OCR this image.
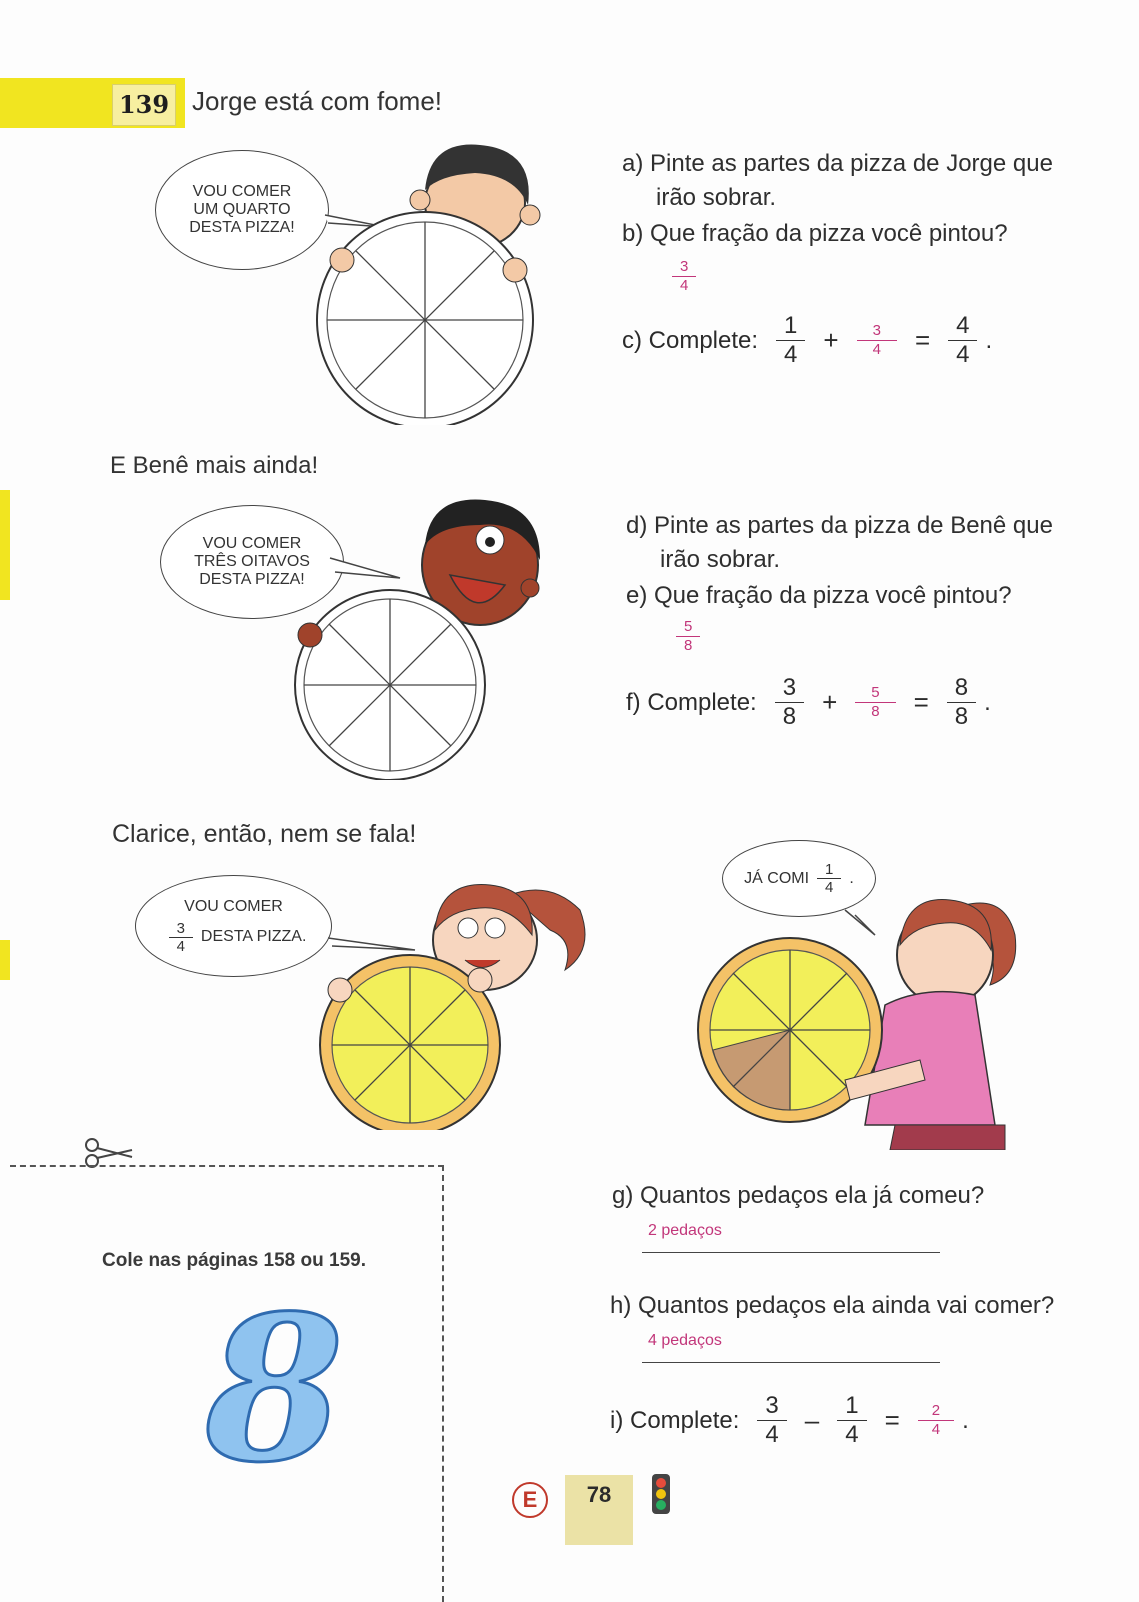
139 Jorge está com fome!
VOU COMER
UM QUARTO
DESTA PIZZA!
a) Pinte as partes da pizza de Jorge que
irão sobrar.
b) Que fração da pizza você pintou?
$\frac{3}{4}$
c) Complete: $\frac{1}{4} + \frac{3}{4} = \frac{4}{4}$ .
E Benê mais ainda!
VOU COMER
TRÊS OITAVOS
DESTA PIZZA!
d) Pinte as partes da pizza de Benê que
irão sobrar.
e) Que fração da pizza você pintou?
$\frac{5}{8}$
f) Complete: $\frac{3}{8} + \frac{5}{8} = \frac{8}{8}$ .
Clarice, então, nem se fala!
VOU COMER
$\frac{3}{4}$ DESTA PIZZA.
JÁ COMI $\frac{1}{4}$ .
Cole nas páginas 158 ou 159.
8
g) Quantos pedaços ela já comeu?
2 pedaços
h) Quantos pedaços ela ainda vai comer?
4 pedaços
i) Complete: $\frac{3}{4} - \frac{1}{4} = \frac{2}{4}$ .
E	78
